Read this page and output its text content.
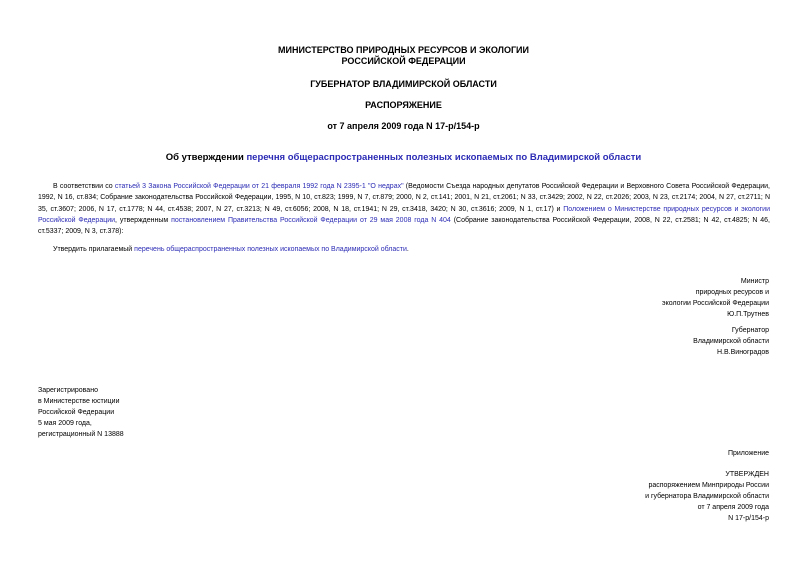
МИНИСТЕРСТВО ПРИРОДНЫХ РЕСУРСОВ И ЭКОЛОГИИ
РОССИЙСКОЙ ФЕДЕРАЦИИ
ГУБЕРНАТОР ВЛАДИМИРСКОЙ ОБЛАСТИ
РАСПОРЯЖЕНИЕ
от 7 апреля 2009 года N 17-р/154-р
Об утверждении перечня общераспространенных полезных ископаемых по Владимирской области
В соответствии со статьей 3 Закона Российской Федерации от 21 февраля 1992 года N 2395-1 "О недрах" (Ведомости Съезда народных депутатов Российской Федерации и Верховного Совета Российской Федерации, 1992, N 16, ст.834; Собрание законодательства Российской Федерации, 1995, N 10, ст.823; 1999, N 7, ст.879; 2000, N 2, ст.141; 2001, N 21, ст.2061; N 33, ст.3429; 2002, N 22, ст.2026; 2003, N 23, ст.2174; 2004, N 27, ст.2711; N 35, ст.3607; 2006, N 17, ст.1778; N 44, ст.4538; 2007, N 27, ст.3213; N 49, ст.6056; 2008, N 18, ст.1941; N 29, ст.3418, 3420; N 30, ст.3616; 2009, N 1, ст.17) и Положением о Министерстве природных ресурсов и экологии Российской Федерации, утвержденным постановлением Правительства Российской Федерации от 29 мая 2008 года N 404 (Собрание законодательства Российской Федерации, 2008, N 22, ст.2581; N 42, ст.4825; N 46, ст.5337; 2009, N 3, ст.378):
Утвердить прилагаемый перечень общераспространенных полезных ископаемых по Владимирской области.
Министр
природных ресурсов и
экологии Российской Федерации
Ю.П.Трутнев
Губернатор
Владимирской области
Н.В.Виноградов
Зарегистрировано
в Министерстве юстиции
Российской Федерации
5 мая 2009 года,
регистрационный N 13888
Приложение
УТВЕРЖДЕН
распоряжением Минприроды России
и губернатора Владимирской области
от 7 апреля 2009 года
N 17-р/154-р
